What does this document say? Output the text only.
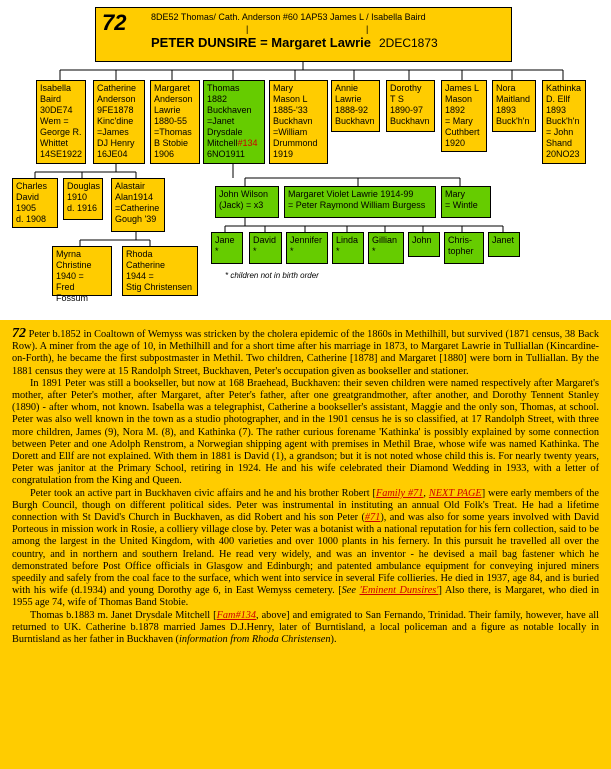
72	8DE52 Thomas/ Cath. Anderson #60 1AP53 James L / Isabella Baird
|	|
PETER DUNSIRE = Margaret Lawrie 2DEC1873
Isabella
Baird
30DE74
Wem =
George R.
Whittet
14SE1922
Catherine
Anderson
9FE1878
Kinc'dine
=James
DJ Henry
16JE04
Margaret
Anderson
Lawrie
1880-55
=Thomas
B Stobie
1906
Thomas
1882
Buckhaven
=Janet
Drysdale
Mitchell#134
6NO1911
Mary
Mason L
1885-'33
Buckhavn
=William
Drummond
1919
Annie
Lawrie
1888-92
Buckhavn
Dorothy
T S
1890-97
Buckhavn
James L
Mason
1892
= Mary
Cuthbert
1920
Nora
Maitland
1893
Buck'h'n
Kathinka
D. Ellf
1893
Buck'h'n
= John
Shand
20NO23
Charles
David
1905
d. 1908
Douglas
1910
d. 1916
Alastair
Alan1914
=Catherine
Gough '39
Myrna
Christine
1940 =
Fred Fossum
Rhoda
Catherine
1944 =
Stig Christensen
John Wilson
(Jack) = x3
Margaret Violet Lawrie 1914-99
= Peter Raymond William Burgess
Mary
= Wintle
Jane
*
David
*
Jennifer
*
Linda
*
Gillian
*
John	Chris-
topher
Janet
* children not in birth order

72 Peter b.1852 in Coaltown of Wemyss was stricken by the cholera epidemic of the 1860s in Methilhill, but survived (1871 census, 38 Back Row). A miner from the age of 10, in Methilhill and for a short time after his marriage in 1873, to Margaret Lawrie in Tulliallan (Kincardine-on-Forth), he became the first subpostmaster in Methil. Two children, Catherine [1878] and Margaret [1880] were born in Tulliallan. By the 1881 census they were at 15 Randolph Street, Buckhaven, Peter's occupation given as bookseller and stationer.

In 1891 Peter was still a bookseller, but now at 168 Braehead, Buckhaven: their seven children were named respectively after Margaret's mother, after Peter's mother, after Margaret, after Peter's father, after one greatgrandmother, after another, and Dorothy Tennent Stanley (1890) - after whom, not known. Isabella was a telegraphist, Catherine a bookseller's assistant, Maggie and the only son, Thomas, at school. Peter was also well known in the town as a studio photographer, and in the 1901 census he is so classified, at 17 Randolph Street, with three more children, James (9), Nora M. (8), and Kathinka (7). The rather curious forename 'Kathinka' is possibly explained by some connection between Peter and one Adolph Renstrom, a Norwegian shipping agent with premises in Methil Brae, whose wife was named Kathinka. The Dorett and Ellf are not explained. With them in 1881 is David (1), a grandson; but it is not noted whose child this is. For nearly twenty years, Peter was janitor at the Primary School, retiring in 1924. He and his wife celebrated their Diamond Wedding in 1933, with a letter of congratulation from the King and Queen.

Peter took an active part in Buckhaven civic affairs and he and his brother Robert [Family #71, NEXT PAGE] were early members of the Burgh Council, though on different political sides. Peter was instrumental in instituting an annual Old Folk's Treat. He had a lifetime connection with St David's Church in Buckhaven, as did Robert and his son Peter (#71), and was also for some years involved with David Porteous in mission work in Rosie, a colliery village close by. Peter was a botanist with a national reputation for his fern collection, said to be among the largest in the United Kingdom, with 400 varieties and over 1000 plants in his fernery. In this pursuit he travelled all over the country, and in northern and southern Ireland. He read very widely, and was an inventor - he devised a mail bag fastener which he demonstrated before Post Office officials in Glasgow and Edinburgh; and patented ambulance equipment for conveying injured miners speedily and safely from the coal face to the surface, which went into service in several Fife collieries. He died in 1937, age 84, and is buried with his wife (d.1934) and young Dorothy age 6, in East Wemyss cemetery. [See 'Eminent Dunsires'] Also there, is Margaret, who died in 1955 age 74, wife of Thomas Band Stobie.

Thomas b.1883 m. Janet Drysdale Mitchell [Fam#134, above] and emigrated to San Fernando, Trinidad. Their family, however, have all returned to UK. Catherine b.1878 married James D.J.Henry, later of Burntisland, a local policeman and a figure as notable locally in Burntisland as her father in Buckhaven (information from Rhoda Christensen).
